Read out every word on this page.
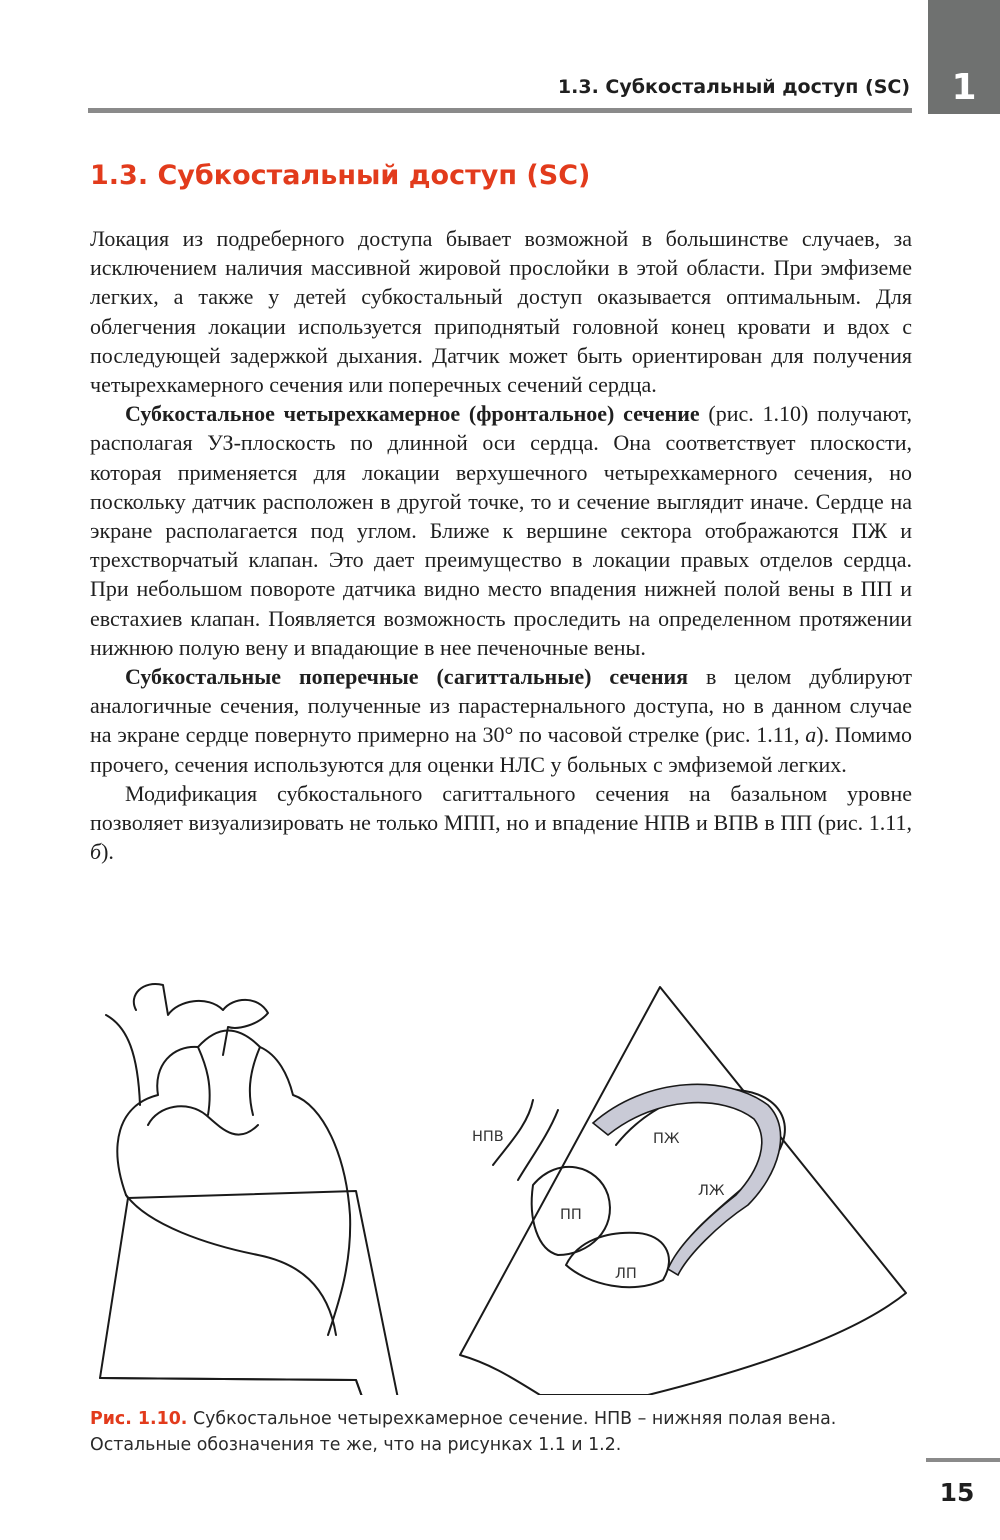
1
1.3. Субкостальный доступ (SC)
1.3. Субкостальный доступ (SC)

Локация из подреберного доступа бывает возможной в большинстве случаев, за исключением наличия массивной жировой прослойки в этой области. При эмфиземе легких, а также у детей субкостальный доступ оказывается оптимальным. Для облегчения локации используется приподнятый головной конец кровати и вдох с последующей задержкой дыхания. Датчик может быть ориентирован для получения четырехкамерного сечения или поперечных сечений сердца.

Субкостальное четырехкамерное (фронтальное) сечение (рис. 1.10) получают, располагая УЗ-плоскость по длинной оси сердца. Она соответствует плоскости, которая применяется для локации верхушечного четырехкамерного сечения, но поскольку датчик расположен в другой точке, то и сечение выглядит иначе. Сердце на экране располагается под углом. Ближе к вершине сектора отображаются ПЖ и трехстворчатый клапан. Это дает преимущество в локации правых отделов сердца. При небольшом повороте датчика видно место впадения нижней полой вены в ПП и евстахиев клапан. Появляется возможность проследить на определенном протяжении нижнюю полую вену и впадающие в нее печеночные вены.

Субкостальные поперечные (сагиттальные) сечения в целом дублируют аналогичные сечения, полученные из парастернального доступа, но в данном случае на экране сердце повернуто примерно на 30° по часовой стрелке (рис. 1.11, а). Помимо прочего, сечения используются для оценки НЛС у больных с эмфиземой легких.

Модификация субкостального сагиттального сечения на базальном уровне позволяет визуализировать не только МПП, но и впадение НПВ и ВПВ в ПП (рис. 1.11, б).

НПВ	ПЖ
ЛЖ
ПП
ЛП
Рис. 1.10. Субкостальное четырехкамерное сечение. НПВ – нижняя полая вена. Остальные обозначения те же, что на рисунках 1.1 и 1.2.
15
